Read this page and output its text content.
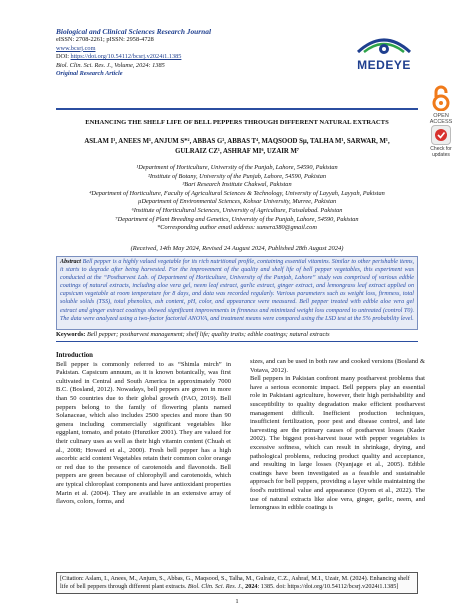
Biological and Clinical Sciences Research Journal
eISSN: 2708-2261; pISSN: 2958-4728
www.bcsrj.com
DOI: https://doi.org/10.54112/bcsrj.v2024i1.1385
Biol. Clin. Sci. Res. J., Volume, 2024: 1385
Original Research Article
MEDEYE
OPEN ACCESS
Check for updates
ENHANCING THE SHELF LIFE OF BELL PEPPERS THROUGH DIFFERENT NATURAL EXTRACTS
ASLAM I¹, ANEES M¹, ANJUM S*², ABBAS G³, ABBAS T⁴, MAQSOOD Sµ, TALHA M¹, SARWAR, M¹,
GULRAIZ CZ¹, ASHRAF MI⁶, UZAIR M⁷
¹Department of Horticulture, University of the Punjab, Lahore, 54590, Pakistan
²Institute of Botany, University of the Punjab, Lahore, 54590, Pakistan
³Bari Research Institute Chakwal, Pakistan
⁴Department of Horticulture, Faculty of Agricultural Sciences & Technology, University of Layyah, Layyah, Pakistan
µDepartment of Environmental Sciences, Kohsar University, Murree, Pakistan
⁶Institute of Horticultural Sciences, University of Agriculture, Faisalabad. Pakistan
⁷Department of Plant Breeding and Genetics, University of the Punjab, Lahore, 54590, Pakistan
*Corresponding author email address: sumera380@gmail.com
(Received, 14th May 2024, Revised 24 August 2024, Published 28th August 2024)
Abstract Bell pepper is a highly valued vegetable for its rich nutritional profile, containing essential vitamins. Similar to other perishable items, it starts to degrade after being harvested. For the improvement of the quality and shelf life of bell pepper vegetables, this experiment was conducted at the “Postharvest Lab. of Department of Horticulture, University of the Punjab, Lahore” study was comprised of various edible coatings of natural extracts, including aloe vera gel, neem leaf extract, garlic extract, ginger extract, and lemongrass leaf extract applied on capsicum vegetable at room temperature for 8 days, and data was recorded regularly. Various parameters such as weight loss, firmness, total soluble solids (TSS), total phenolics, ash content, pH, color, and appearance were measured. Bell pepper treated with edible aloe vera gel extract and ginger extract coatings showed significant improvements in firmness and minimized weight loss compared to untreated (control T0). The data were analyzed using a two-factor factorial ANOVA, and treatment means were compared using the LSD test at the 5% probability level.
Keywords: Bell pepper; postharvest management; shelf life; quality traits; edible coatings; natural extracts
Introduction

Bell pepper is commonly referred to as “Shimla mirch” in Pakistan. Capsicum annuum, as it is known botanically, was first cultivated in Central and South America in approximately 7000 B.C. (Bosland, 2012). Nowadays, bell peppers are grown in more than 50 countries due to their global growth (FAO, 2019). Bell peppers belong to the family of flowering plants named Solanaceae, which also includes 2500 species and more than 90 genera including commercially significant vegetables like eggplant, tomato, and potato (Hunziker 2001). They are valued for their culinary uses as well as their high vitamin content (Chuah et al., 2008; Howard et al., 2000). Fresh bell pepper has a high ascorbic acid content Vegetables retain their common color orange or red due to the presence of carotenoids and flavonoids. Bell peppers are green because of chlorophyll and carotenoids, which are typical chloroplast components and have antioxidant properties Marin et al. (2004). They are available in an extensive array of flavors, colors, forms, and

sizes, and can be used in both raw and cooked versions (Bosland & Votava, 2012).

Bell peppers in Pakistan confront many postharvest problems that have a serious economic impact. Bell peppers play an essential role in Pakistani agriculture, however, their high perishability and susceptibility to quality degradation make efficient postharvest management difficult. Inefficient production techniques, insufficient fertilization, poor pest and disease control, and late harvesting are the primary causes of postharvest losses (Kader 2002). The biggest post-harvest issue with pepper vegetables is excessive softness, which can result in shrinkage, drying, and pathological problems, reducing product quality and acceptance, and resulting in large losses (Nyanjage et al., 2005). Edible coatings have been investigated as a feasible and sustainable approach for bell peppers, providing a layer while maintaining the food's nutritional value and appearance (Oyom et al., 2022). The use of natural extracts like aloe vera, ginger, garlic, neem, and lemongrass in edible coatings is

[Citation: Aslam, I., Anees, M., Anjum, S., Abbas, G., Maqsood, S., Talha, M., Gulraiz, C.Z., Ashraf, M.I., Uzair, M. (2024). Enhancing shelf life of bell peppers through different plant extracts. Biol. Clin. Sci. Res. J., 2024: 1385. doi: https://doi.org/10.54112/bcsrj.v2024i1.1385]
1
